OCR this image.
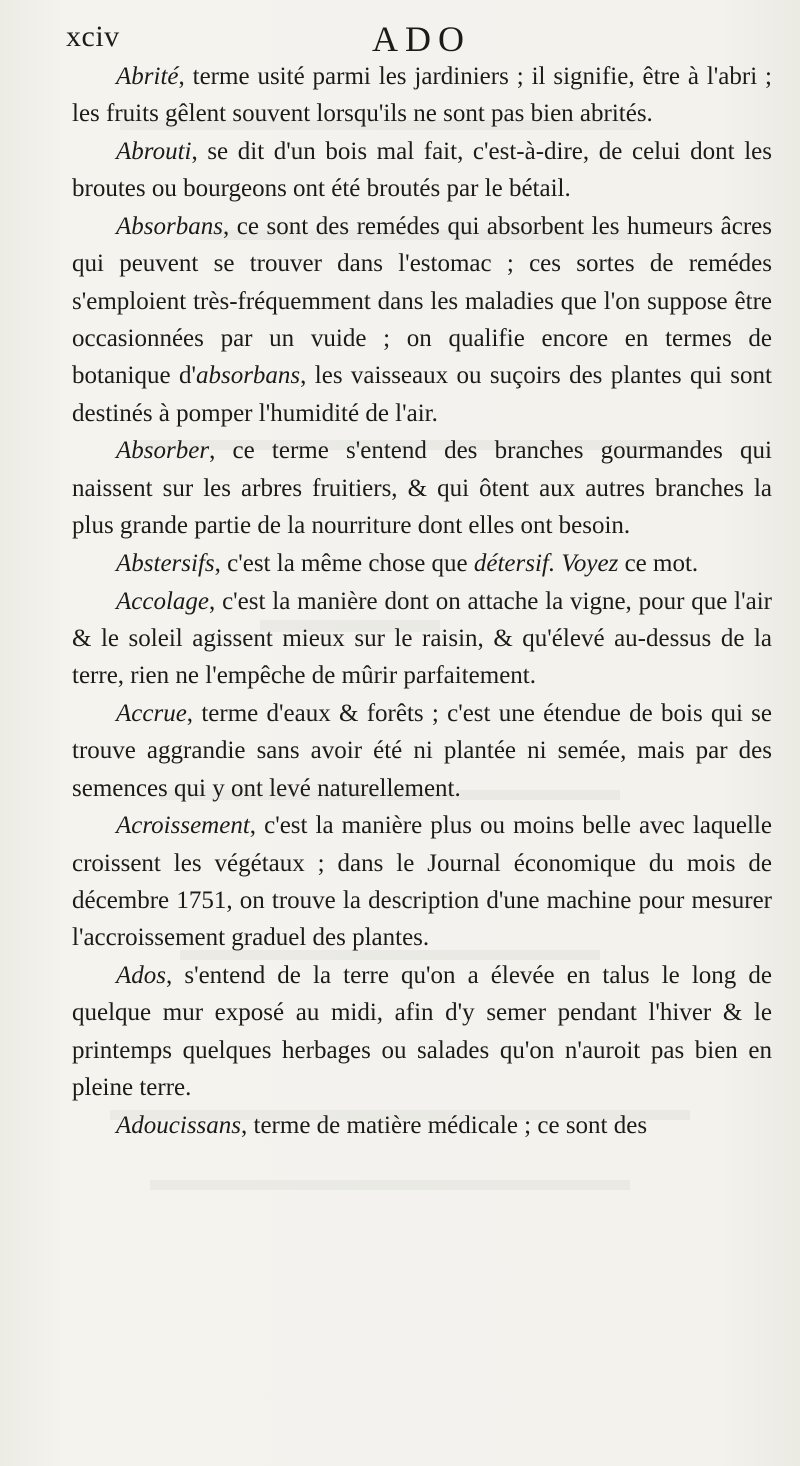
xciv	ADO

Abrité, terme usité parmi les jardiniers ; il signifie, être à l'abri ; les fruits gêlent souvent lorsqu'ils ne sont pas bien abrités.

Abrouti, se dit d'un bois mal fait, c'est-à-dire, de celui dont les broutes ou bourgeons ont été broutés par le bétail.

Absorbans, ce sont des remédes qui absorbent les humeurs âcres qui peuvent se trouver dans l'estomac ; ces sortes de remédes s'emploient très-fréquemment dans les maladies que l'on suppose être occasionnées par un vuide ; on qualifie encore en termes de botanique d'absorbans, les vaisseaux ou suçoirs des plantes qui sont destinés à pomper l'humidité de l'air.

Absorber, ce terme s'entend des branches gourmandes qui naissent sur les arbres fruitiers, & qui ôtent aux autres branches la plus grande partie de la nourriture dont elles ont besoin.

Abstersifs, c'est la même chose que détersif. Voyez ce mot.

Accolage, c'est la manière dont on attache la vigne, pour que l'air & le soleil agissent mieux sur le raisin, & qu'élevé au-dessus de la terre, rien ne l'empêche de mûrir parfaitement.

Accrue, terme d'eaux & forêts ; c'est une étendue de bois qui se trouve aggrandie sans avoir été ni plantée ni semée, mais par des semences qui y ont levé naturellement.

Acroissement, c'est la manière plus ou moins belle avec laquelle croissent les végétaux ; dans le Journal économique du mois de décembre 1751, on trouve la description d'une machine pour mesurer l'accroissement graduel des plantes.

Ados, s'entend de la terre qu'on a élevée en talus le long de quelque mur exposé au midi, afin d'y semer pendant l'hiver & le printemps quelques herbages ou salades qu'on n'auroit pas bien en pleine terre.

Adoucissans, terme de matière médicale ; ce sont des
